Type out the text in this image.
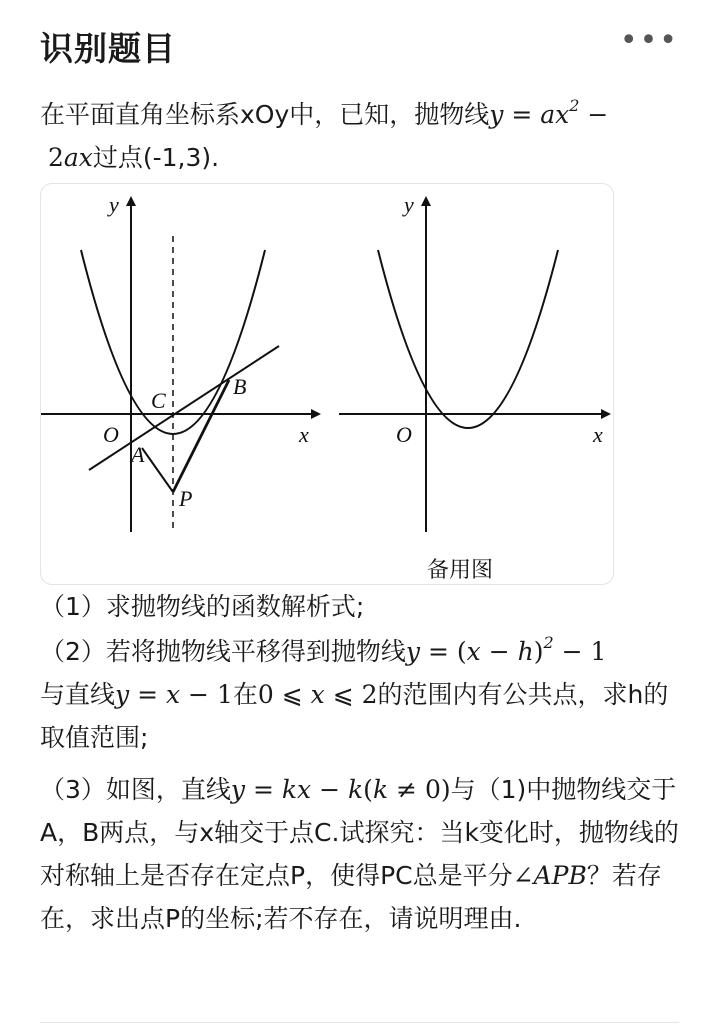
识别题目	•••
在平面直角坐标系xOy中，已知，抛物线$y = ax^2$ −
2ax过点(-1,3).
y
x
O
A
B
C
P
y
x
O
备用图
（1）求抛物线的函数解析式;
（2）若将抛物线平移得到抛物线$y = (x - h)^2 - 1$
与直线y = x − 1在0 ⩽ x ⩽ 2的范围内有公共点，求h的取值范围;
（3）如图，直线y = kx − k(k ≠ 0)与（1)中抛物线交于A，B两点，与x轴交于点C.试探究：当k变化时，抛物线的对称轴上是否存在定点P，使得PC总是平分∠APB？若存在，求出点P的坐标;若不存在，请说明理由.
